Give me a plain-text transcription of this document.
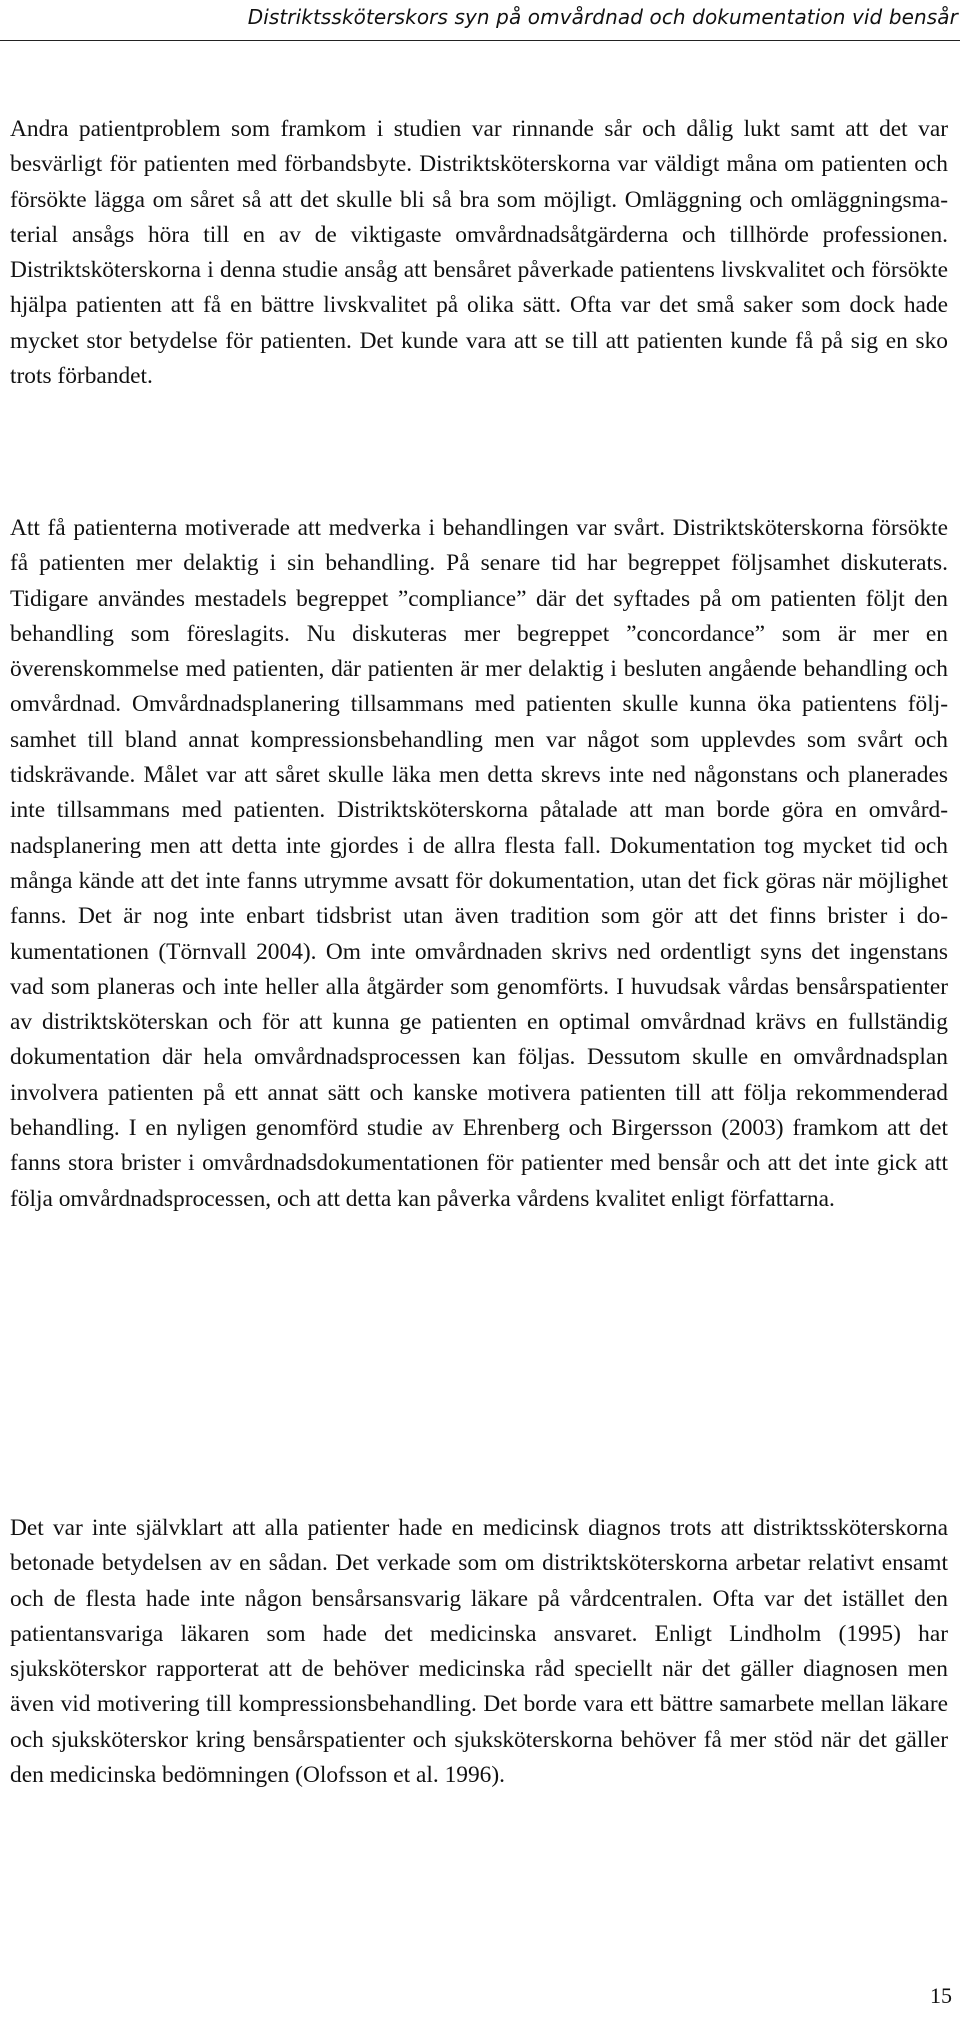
Distriktssköterskors syn på omvårdnad och dokumentation vid bensår

Andra patientproblem som framkom i studien var rinnande sår och dålig lukt samt att det var besvärligt för patienten med förbandsbyte. Distriktsköterskorna var väldigt måna om patienten och försökte lägga om såret så att det skulle bli så bra som möjligt. Omläggning och omläggningsmaterial ansågs höra till en av de viktigaste omvårdnadsåtgärderna och tillhörde professionen. Distriktsköterskorna i denna studie ansåg att bensåret påverkade patientens livskvalitet och försökte hjälpa patienten att få en bättre livskvalitet på olika sätt. Ofta var det små saker som dock hade mycket stor betydelse för patienten. Det kunde vara att se till att patienten kunde få på sig en sko trots förbandet.

Att få patienterna motiverade att medverka i behandlingen var svårt. Distriktsköterskorna försökte få patienten mer delaktig i sin behandling. På senare tid har begreppet följsamhet diskuterats. Tidigare användes mestadels begreppet ”compliance” där det syftades på om patienten följt den behandling som föreslagits. Nu diskuteras mer begreppet ”concordance” som är mer en överenskommelse med patienten, där patienten är mer delaktig i besluten angående behandling och omvårdnad. Omvårdnadsplanering tillsammans med patienten skulle kunna öka patientens följsamhet till bland annat kompressionsbehandling men var något som upplevdes som svårt och tidskrävande. Målet var att såret skulle läka men detta skrevs inte ned någonstans och planerades inte tillsammans med patienten. Distriktsköterskorna påtalade att man borde göra en omvårdnadsplanering men att detta inte gjordes i de allra flesta fall. Dokumentation tog mycket tid och många kände att det inte fanns utrymme avsatt för dokumentation, utan det fick göras när möjlighet fanns. Det är nog inte enbart tidsbrist utan även tradition som gör att det finns brister i dokumentationen (Törnvall 2004). Om inte omvårdnaden skrivs ned ordentligt syns det ingenstans vad som planeras och inte heller alla åtgärder som genomförts. I huvudsak vårdas bensårspatienter av distriktsköterskan och för att kunna ge patienten en optimal omvårdnad krävs en fullständig dokumentation där hela omvårdnadsprocessen kan följas. Dessutom skulle en omvårdnadsplan involvera patienten på ett annat sätt och kanske motivera patienten till att följa rekommenderad behandling. I en nyligen genomförd studie av Ehrenberg och Birgersson (2003) framkom att det fanns stora brister i omvårdnadsdokumentationen för patienter med bensår och att det inte gick att följa omvårdnadsprocessen, och att detta kan påverka vårdens kvalitet enligt författarna.

Det var inte självklart att alla patienter hade en medicinsk diagnos trots att distriktssköterskorna betonade betydelsen av en sådan. Det verkade som om distriktsköterskorna arbetar relativt ensamt och de flesta hade inte någon bensårsansvarig läkare på vårdcentralen. Ofta var det istället den patientansvariga läkaren som hade det medicinska ansvaret. Enligt Lindholm (1995) har sjuksköterskor rapporterat att de behöver medicinska råd speciellt när det gäller diagnosen men även vid motivering till kompressionsbehandling. Det borde vara ett bättre samarbete mellan läkare och sjuksköterskor kring bensårspatienter och sjuksköterskorna behöver få mer stöd när det gäller den medicinska bedömningen (Olofsson et al. 1996).

15
